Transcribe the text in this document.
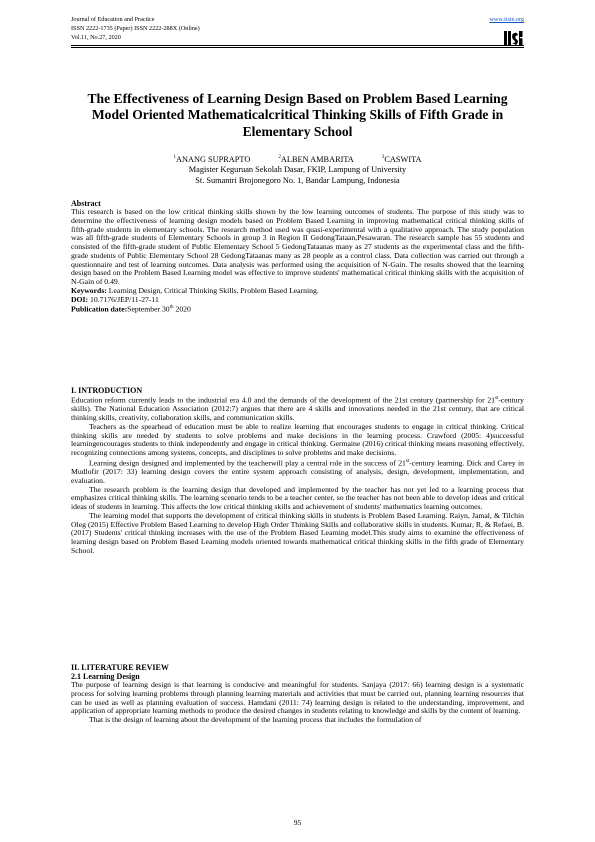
Journal of Education and Practice
ISSN 2222-1735 (Paper) ISSN 2222-288X (Online)
Vol.11, No.27, 2020
www.iiste.org
The Effectiveness of Learning Design Based on Problem Based Learning Model Oriented Mathematicalcritical Thinking Skills of Fifth Grade in Elementary School
$^1$ANANG SUPRAPTO	$^2$ALBEN AMBARITA	$^3$CASWITA
Magister Keguruan Sekolah Dasar, FKIP, Lampung of University
St. Sumantri Brojonegoro No. 1, Bandar Lampung, Indonesia
Abstract

This research is based on the low critical thinking skills shown by the low learning outcomes of students. The purpose of this study was to determine the effectiveness of learning design models based on Problem Based Learning in improving mathematical critical thinking skills of fifth-grade students in elementary schools. The research method used was quasi-experimental with a qualitative approach. The study population was all fifth-grade students of Elementary Schools in group 3 in Region II GedongTataan,Pesawaran. The research sample has 55 students and consisted of the fifth-grade student of Public Elementary School 5 GedongTataanas many as 27 students as the experimental class and the fifth-grade students of Public Elementary School 28 GedongTataanas many as 28 people as a control class. Data collection was carried out through a questionnaire and test of learning outcomes. Data analysis was performed using the acquisition of N-Gain. The results showed that the learning design based on the Problem Based Learning model was effective to improve students' mathematical critical thinking skills with the acquisition of N-Gain of 0.49.

Keywords: Learning Design, Critical Thinking Skills, Problem Based Learning.
DOI: 10.7176/JEP/11-27-11
Publication date:September 30th 2020
I. INTRODUCTION

Education reform currently leads to the industrial era 4.0 and the demands of the development of the 21st century (partnership for 21st-century skills). The National Education Association (2012:7) argues that there are 4 skills and innovations needed in the 21st century, that are critical thinking skills, creativity, collaboration skills, and communication skills.

Teachers as the spearhead of education must be able to realize learning that encourages students to engage in critical thinking. Critical thinking skills are needed by students to solve problems and make decisions in the learning process. Crawford (2005: 4)successful learningencourages students to think independently and engage in critical thinking. Germaine (2016) critical thinking means reasoning effectively, recognizing connections among systems, concepts, and disciplines to solve problems and make decisions.

Learning design designed and implemented by the teacherwill play a central role in the success of 21st-century learning. Dick and Carey in Mudlofir (2017: 33) learning design covers the entire system approach consisting of analysis, design, development, implementation, and evaluation.

The research problem is the learning design that developed and implemented by the teacher has not yet led to a learning process that emphasizes critical thinking skills. The learning scenario tends to be a teacher center, so the teacher has not been able to develop ideas and critical ideas of students in learning. This affects the low critical thinking skills and achievement of students' mathematics learning outcomes.

The learning model that supports the development of critical thinking skills in students is Problem Based Learning. Raiyn, Jamal, & Tilchin Oleg (2015) Effective Problem Based Learning to develop High Order Thinking Skills and collaborative skills in students. Kumar, R, & Refaei, B. (2017) Students' critical thinking increases with the use of the Problem Based Learning model.This study aims to examine the effectiveness of learning design based on Problem Based Learning models oriented towards mathematical critical thinking skills in the fifth grade of Elementary School.

II. LITERATURE REVIEW
2.1 Learning Design

The purpose of learning design is that learning is conducive and meaningful for students. Sanjaya (2017: 66) learning design is a systematic process for solving learning problems through planning learning materials and activities that must be carried out, planning learning resources that can be used as well as planning evaluation of success. Hamdani (2011: 74) learning design is related to the understanding, improvement, and application of appropriate learning methods to produce the desired changes in students relating to knowledge and skills by the content of learning.

That is the design of learning about the development of the learning process that includes the formulation of

95
